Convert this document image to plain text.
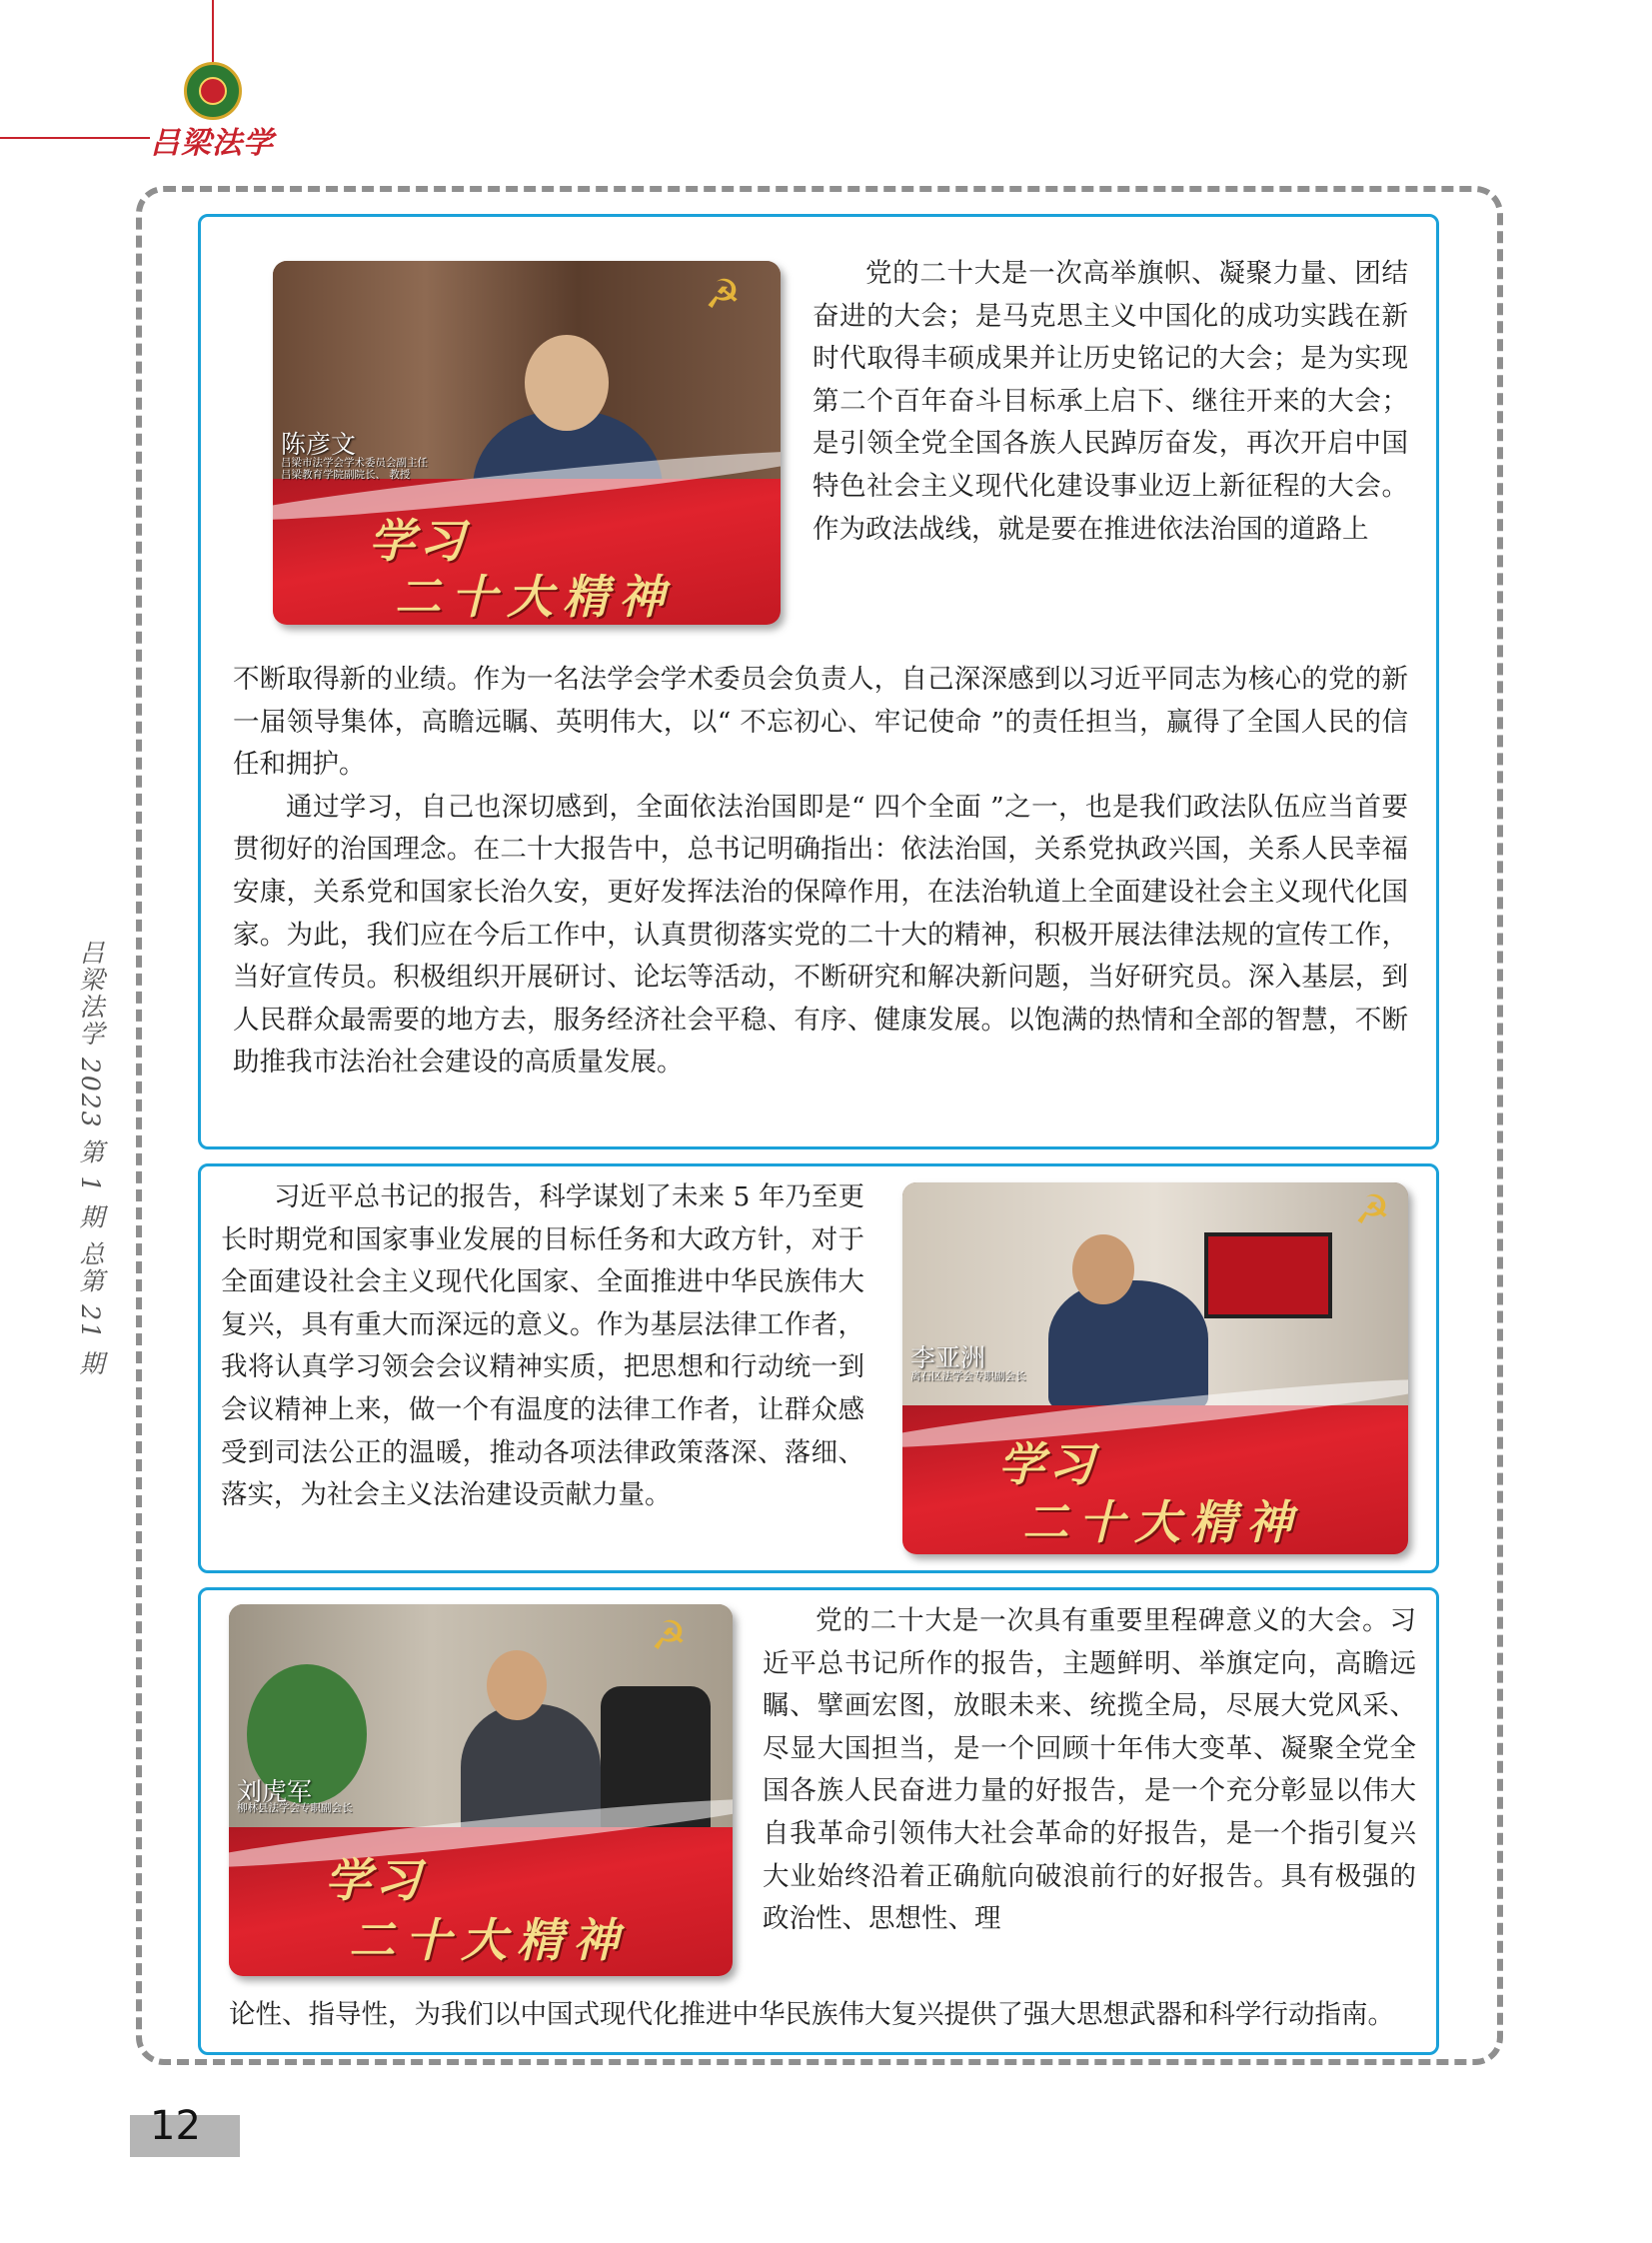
吕梁法学
吕梁法学 2023 第 1 期 总第 21 期
☭
陈彦文
吕梁市法学会学术委员会副主任
吕梁教育学院副院长、 教授
学习
二十大精神

党的二十大是一次高举旗帜、凝聚力量、团结奋进的大会；是马克思主义中国化的成功实践在新时代取得丰硕成果并让历史铭记的大会；是为实现第二个百年奋斗目标承上启下、继往开来的大会；是引领全党全国各族人民踔厉奋发，再次开启中国特色社会主义现代化建设事业迈上新征程的大会。作为政法战线，就是要在推进依法治国的道路上

不断取得新的业绩。作为一名法学会学术委员会负责人，自己深深感到以习近平同志为核心的党的新一届领导集体，高瞻远瞩、英明伟大，以“ 不忘初心、牢记使命 ”的责任担当，赢得了全国人民的信任和拥护。

通过学习，自己也深切感到，全面依法治国即是“ 四个全面 ”之一，也是我们政法队伍应当首要贯彻好的治国理念。在二十大报告中，总书记明确指出：依法治国，关系党执政兴国，关系人民幸福安康，关系党和国家长治久安，更好发挥法治的保障作用，在法治轨道上全面建设社会主义现代化国家。为此，我们应在今后工作中，认真贯彻落实党的二十大的精神，积极开展法律法规的宣传工作，当好宣传员。积极组织开展研讨、论坛等活动，不断研究和解决新问题，当好研究员。深入基层，到人民群众最需要的地方去，服务经济社会平稳、有序、健康发展。以饱满的热情和全部的智慧，不断助推我市法治社会建设的高质量发展。

习近平总书记的报告，科学谋划了未来 5 年乃至更长时期党和国家事业发展的目标任务和大政方针，对于全面建设社会主义现代化国家、全面推进中华民族伟大复兴，具有重大而深远的意义。作为基层法律工作者，我将认真学习领会会议精神实质，把思想和行动统一到会议精神上来，做一个有温度的法律工作者，让群众感受到司法公正的温暖，推动各项法律政策落深、落细、落实，为社会主义法治建设贡献力量。

☭
李亚洲
离石区法学会专职副会长
学习
二十大精神
☭
刘虎军
柳林县法学会专职副会长
学习
二十大精神

党的二十大是一次具有重要里程碑意义的大会。习近平总书记所作的报告，主题鲜明、举旗定向，高瞻远瞩、擘画宏图，放眼未来、统揽全局，尽展大党风采、尽显大国担当，是一个回顾十年伟大变革、凝聚全党全国各族人民奋进力量的好报告，是一个充分彰显以伟大自我革命引领伟大社会革命的好报告，是一个指引复兴大业始终沿着正确航向破浪前行的好报告。具有极强的政治性、思想性、理

论性、指导性，为我们以中国式现代化推进中华民族伟大复兴提供了强大思想武器和科学行动指南。

12
